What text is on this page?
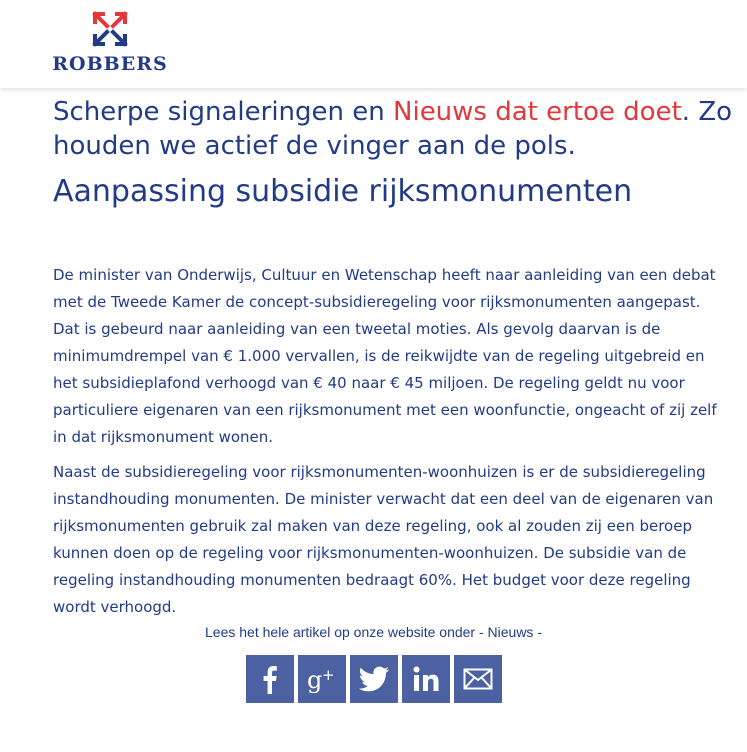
ROBBERS

Scherpe signaleringen en Nieuws dat ertoe doet. Zo houden we actief de vinger aan de pols.

Aanpassing subsidie rijksmonumenten

De minister van Onderwijs, Cultuur en Wetenschap heeft naar aanleiding van een debat met de Tweede Kamer de concept-subsidieregeling voor rijksmonumenten aangepast. Dat is gebeurd naar aanleiding van een tweetal moties. Als gevolg daarvan is de minimumdrempel van € 1.000 vervallen, is de reikwijdte van de regeling uitgebreid en het subsidieplafond verhoogd van € 40 naar € 45 miljoen. De regeling geldt nu voor particuliere eigenaren van een rijksmonument met een woonfunctie, ongeacht of zij zelf in dat rijksmonument wonen.

Naast de subsidieregeling voor rijksmonumenten-woonhuizen is er de subsidieregeling instandhouding monumenten. De minister verwacht dat een deel van de eigenaren van rijksmonumenten gebruik zal maken van deze regeling, ook al zouden zij een beroep kunnen doen op de regeling voor rijksmonumenten-woonhuizen. De subsidie van de regeling instandhouding monumenten bedraagt 60%. Het budget voor deze regeling wordt verhoogd.

Lees het hele artikel op onze website onder - Nieuws -
g +
